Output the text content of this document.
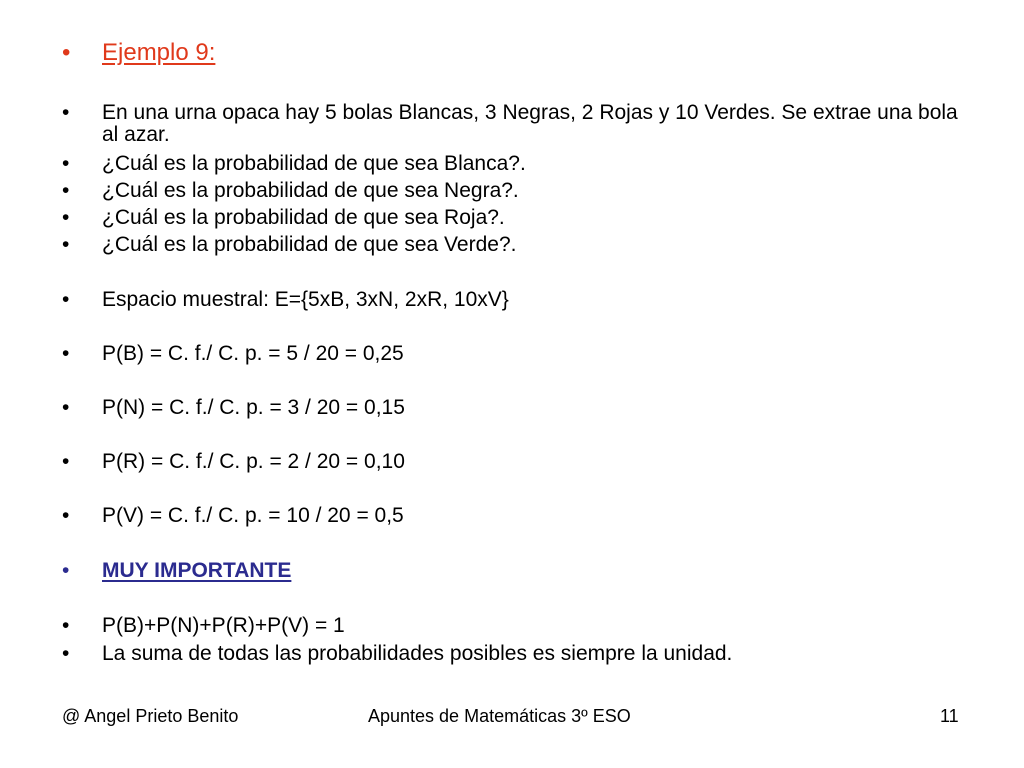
•	Ejemplo 9:
•	En una urna opaca hay 5 bolas Blancas, 3 Negras, 2 Rojas y 10 Verdes. Se extrae una bola al azar.
•	¿Cuál es la probabilidad de que sea Blanca?.
•	¿Cuál es la probabilidad de que sea Negra?.
•	¿Cuál es la probabilidad de que sea Roja?.
•	¿Cuál es la probabilidad de que sea Verde?.
•	Espacio muestral: E={5xB, 3xN, 2xR, 10xV}
•	P(B) = C. f./ C. p. = 5 / 20 = 0,25
•	P(N) = C. f./ C. p. = 3 / 20 = 0,15
•	P(R) = C. f./ C. p. = 2 / 20 = 0,10
•	P(V) = C. f./ C. p. = 10 / 20 = 0,5
•	MUY IMPORTANTE
•	P(B)+P(N)+P(R)+P(V) = 1
•	La suma de todas las probabilidades posibles es siempre la unidad.
@ Angel Prieto Benito	Apuntes de Matemáticas 3º ESO	11
